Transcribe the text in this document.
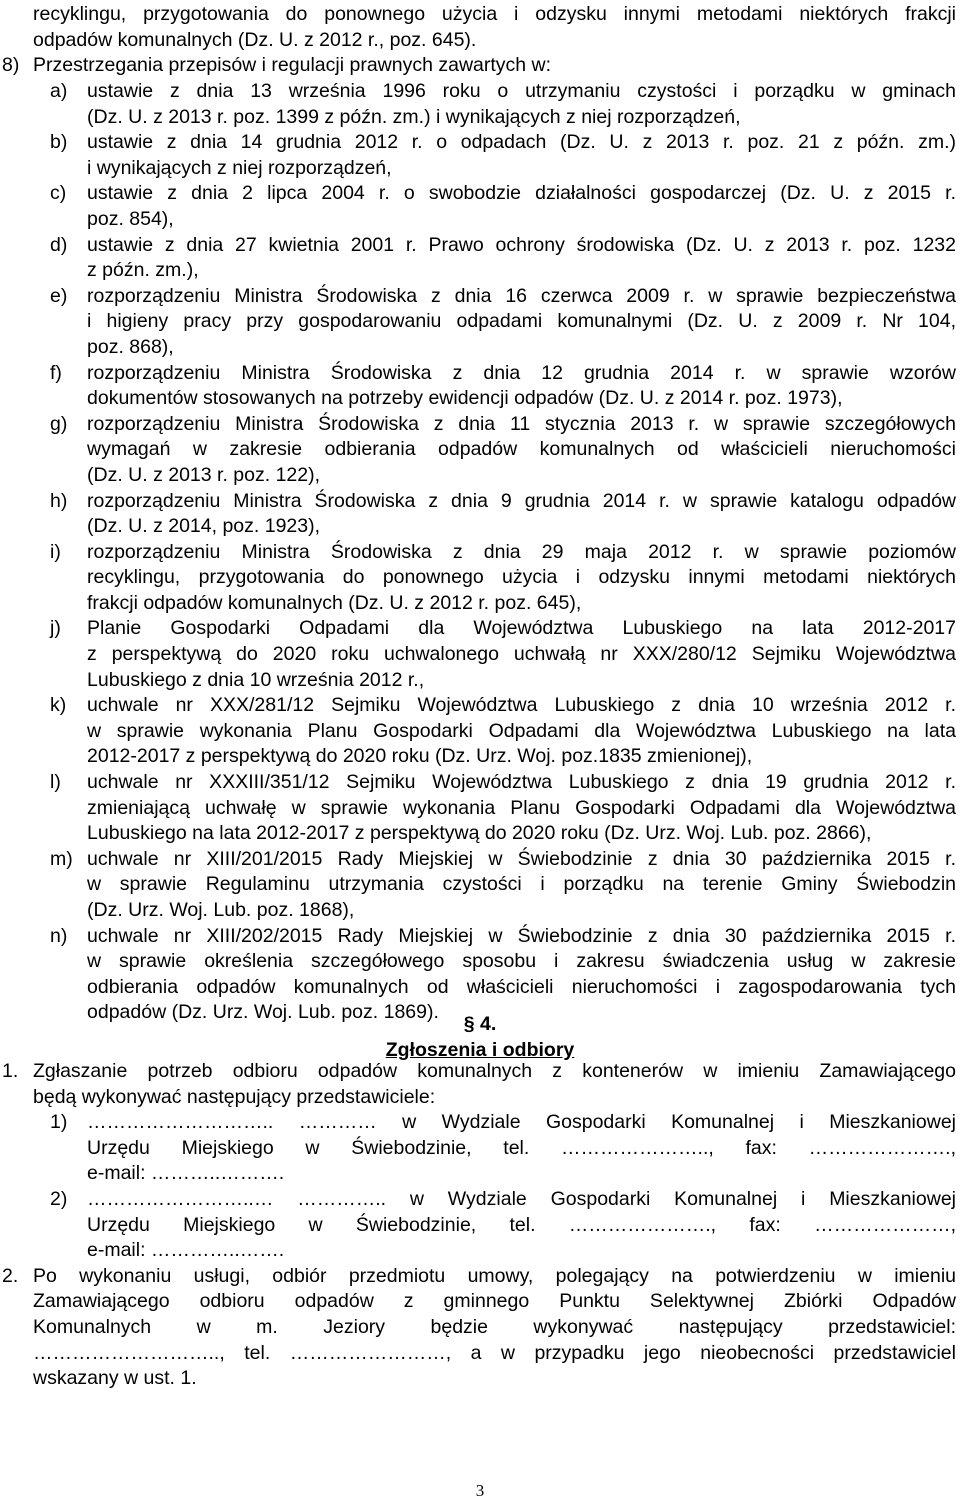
recyklingu, przygotowania do ponownego użycia i odzysku innymi metodami niektórych frakcji
odpadów komunalnych (Dz. U. z 2012 r., poz. 645).
8) Przestrzegania przepisów i regulacji prawnych zawartych w:
a) ustawie z dnia 13 września 1996 roku o utrzymaniu czystości i porządku w gminach
(Dz. U. z 2013 r. poz. 1399 z późn. zm.) i wynikających z niej rozporządzeń,
b) ustawie z dnia 14 grudnia 2012 r. o odpadach (Dz. U. z 2013 r. poz. 21 z późn. zm.)
i wynikających z niej rozporządzeń,
c) ustawie z dnia 2 lipca 2004 r. o swobodzie działalności gospodarczej (Dz. U. z 2015 r.
poz. 854),
d) ustawie z dnia 27 kwietnia 2001 r. Prawo ochrony środowiska (Dz. U. z 2013 r. poz. 1232
z późn. zm.),
e) rozporządzeniu Ministra Środowiska z dnia 16 czerwca 2009 r. w sprawie bezpieczeństwa
i higieny pracy przy gospodarowaniu odpadami komunalnymi (Dz. U. z 2009 r. Nr 104,
poz. 868),
f) rozporządzeniu Ministra Środowiska z dnia 12 grudnia 2014 r. w sprawie wzorów
dokumentów stosowanych na potrzeby ewidencji odpadów (Dz. U. z 2014 r. poz. 1973),
g) rozporządzeniu Ministra Środowiska z dnia 11 stycznia 2013 r. w sprawie szczegółowych
wymagań w zakresie odbierania odpadów komunalnych od właścicieli nieruchomości
(Dz. U. z 2013 r. poz. 122),
h) rozporządzeniu Ministra Środowiska z dnia 9 grudnia 2014 r. w sprawie katalogu odpadów
(Dz. U. z 2014, poz. 1923),
i) rozporządzeniu Ministra Środowiska z dnia 29 maja 2012 r. w sprawie poziomów
recyklingu, przygotowania do ponownego użycia i odzysku innymi metodami niektórych
frakcji odpadów komunalnych (Dz. U. z 2012 r. poz. 645),
j) Planie Gospodarki Odpadami dla Województwa Lubuskiego na lata 2012-2017
z perspektywą do 2020 roku uchwalonego uchwałą nr XXX/280/12 Sejmiku Województwa
Lubuskiego z dnia 10 września 2012 r.,
k) uchwale nr XXX/281/12 Sejmiku Województwa Lubuskiego z dnia 10 września 2012 r.
w sprawie wykonania Planu Gospodarki Odpadami dla Województwa Lubuskiego na lata
2012-2017 z perspektywą do 2020 roku (Dz. Urz. Woj. poz.1835 zmienionej),
l) uchwale nr XXXIII/351/12 Sejmiku Województwa Lubuskiego z dnia 19 grudnia 2012 r.
zmieniającą uchwałę w sprawie wykonania Planu Gospodarki Odpadami dla Województwa
Lubuskiego na lata 2012-2017 z perspektywą do 2020 roku (Dz. Urz. Woj. Lub. poz. 2866),
m) uchwale nr XIII/201/2015 Rady Miejskiej w Świebodzinie z dnia 30 października 2015 r.
w sprawie Regulaminu utrzymania czystości i porządku na terenie Gminy Świebodzin
(Dz. Urz. Woj. Lub. poz. 1868),
n) uchwale nr XIII/202/2015 Rady Miejskiej w Świebodzinie z dnia 30 października 2015 r.
w sprawie określenia szczegółowego sposobu i zakresu świadczenia usług w zakresie
odbierania odpadów komunalnych od właścicieli nieruchomości i zagospodarowania tych
odpadów (Dz. Urz. Woj. Lub. poz. 1869).
§ 4.
Zgłoszenia i odbiory
1. Zgłaszanie potrzeb odbioru odpadów komunalnych z kontenerów w imieniu Zamawiającego
będą wykonywać następujący przedstawiciele:
1) ……………………….. ………… w Wydziale Gospodarki Komunalnej i Mieszkaniowej
Urzędu Miejskiego w Świebodzinie, tel. ………………….., fax: ………………….,
e-mail: ………..……….
2) ……………………..… ………….. w Wydziale Gospodarki Komunalnej i Mieszkaniowej
Urzędu Miejskiego w Świebodzinie, tel. …………………., fax: …………………,
e-mail: …………..…….
2. Po wykonaniu usługi, odbiór przedmiotu umowy, polegający na potwierdzeniu w imieniu
Zamawiającego odbioru odpadów z gminnego Punktu Selektywnej Zbiórki Odpadów
Komunalnych w m. Jeziory będzie wykonywać następujący przedstawiciel:
……………………….., tel. ……………………, a w przypadku jego nieobecności przedstawiciel
wskazany w ust. 1.
3
